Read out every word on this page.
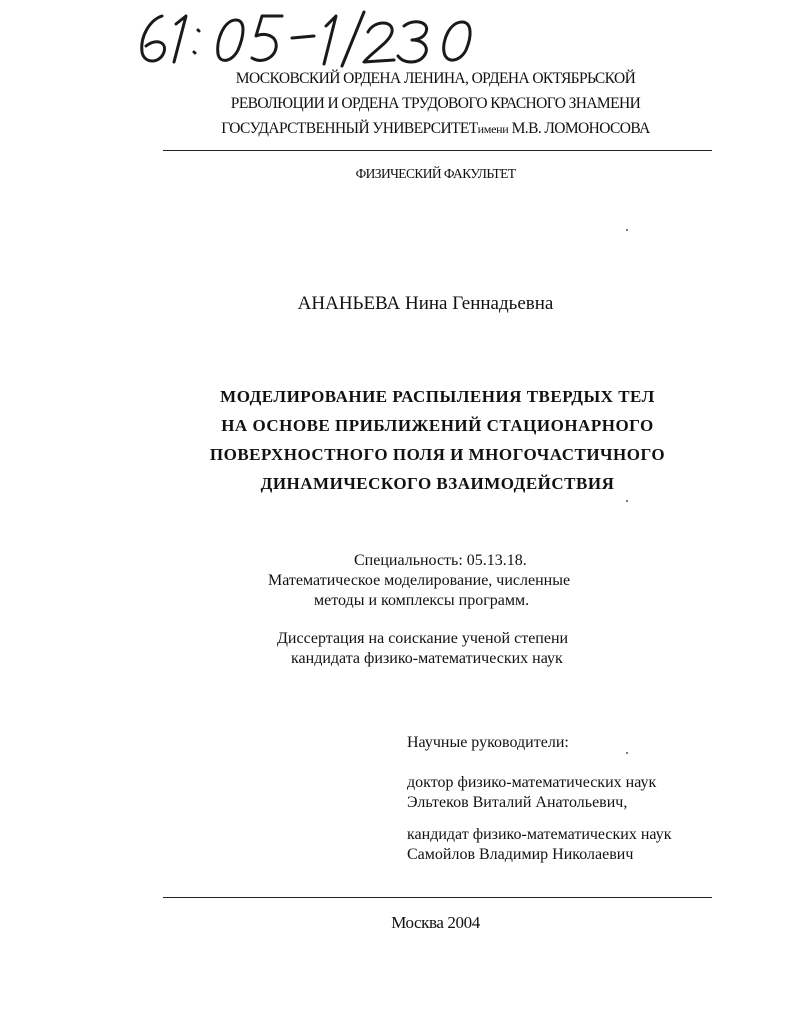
МОСКОВСКИЙ ОРДЕНА ЛЕНИНА, ОРДЕНА ОКТЯБРЬСКОЙ
РЕВОЛЮЦИИ И ОРДЕНА ТРУДОВОГО КРАСНОГО ЗНАМЕНИ
ГОСУДАРСТВЕННЫЙ УНИВЕРСИТЕТимени М.В. ЛОМОНОСОВА
ФИЗИЧЕСКИЙ ФАКУЛЬТЕТ
АНАНЬЕВА Нина Геннадьевна
МОДЕЛИРОВАНИЕ РАСПЫЛЕНИЯ ТВЕРДЫХ ТЕЛ
НА ОСНОВЕ ПРИБЛИЖЕНИЙ СТАЦИОНАРНОГО
ПОВЕРХНОСТНОГО ПОЛЯ И МНОГОЧАСТИЧНОГО
ДИНАМИЧЕСКОГО ВЗАИМОДЕЙСТВИЯ
Специальность: 05.13.18.
Математическое моделирование, численные
методы и комплексы программ.
Диссертация на соискание ученой степени
кандидата физико-математических наук
Научные руководители:
доктор физико-математических наук
Эльтеков Виталий Анатольевич,
кандидат физико-математических наук
Самойлов Владимир Николаевич
Москва 2004
